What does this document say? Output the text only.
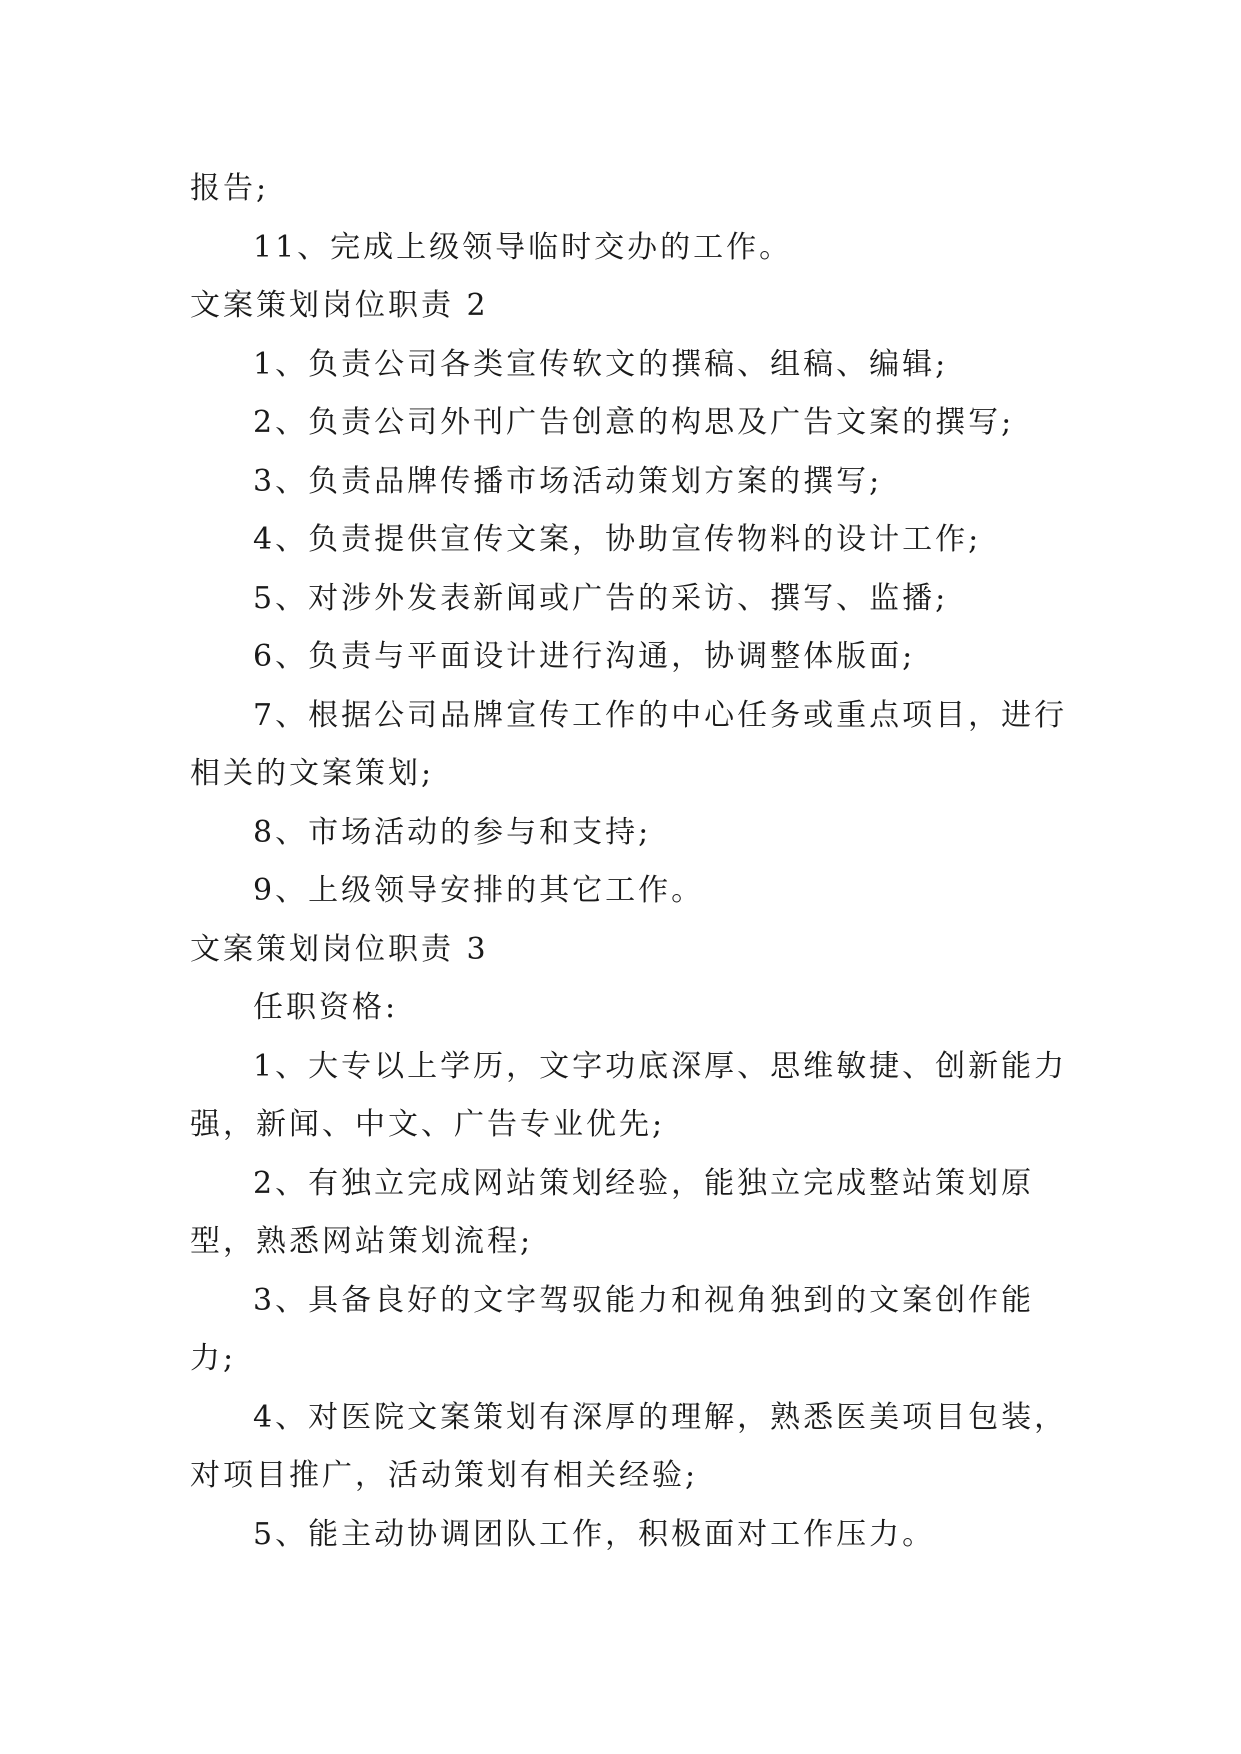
报告;

11、完成上级领导临时交办的工作。

文案策划岗位职责 2

1、负责公司各类宣传软文的撰稿、组稿、编辑;

2、负责公司外刊广告创意的构思及广告文案的撰写;

3、负责品牌传播市场活动策划方案的撰写;

4、负责提供宣传文案，协助宣传物料的设计工作;

5、对涉外发表新闻或广告的采访、撰写、监播;

6、负责与平面设计进行沟通，协调整体版面;

7、根据公司品牌宣传工作的中心任务或重点项目，进行相关的文案策划;

8、市场活动的参与和支持;

9、上级领导安排的其它工作。

文案策划岗位职责 3

任职资格:

1、大专以上学历，文字功底深厚、思维敏捷、创新能力强，新闻、中文、广告专业优先;

2、有独立完成网站策划经验，能独立完成整站策划原型，熟悉网站策划流程;

3、具备良好的文字驾驭能力和视角独到的文案创作能力;

4、对医院文案策划有深厚的理解，熟悉医美项目包装，对项目推广，活动策划有相关经验;

5、能主动协调团队工作，积极面对工作压力。
